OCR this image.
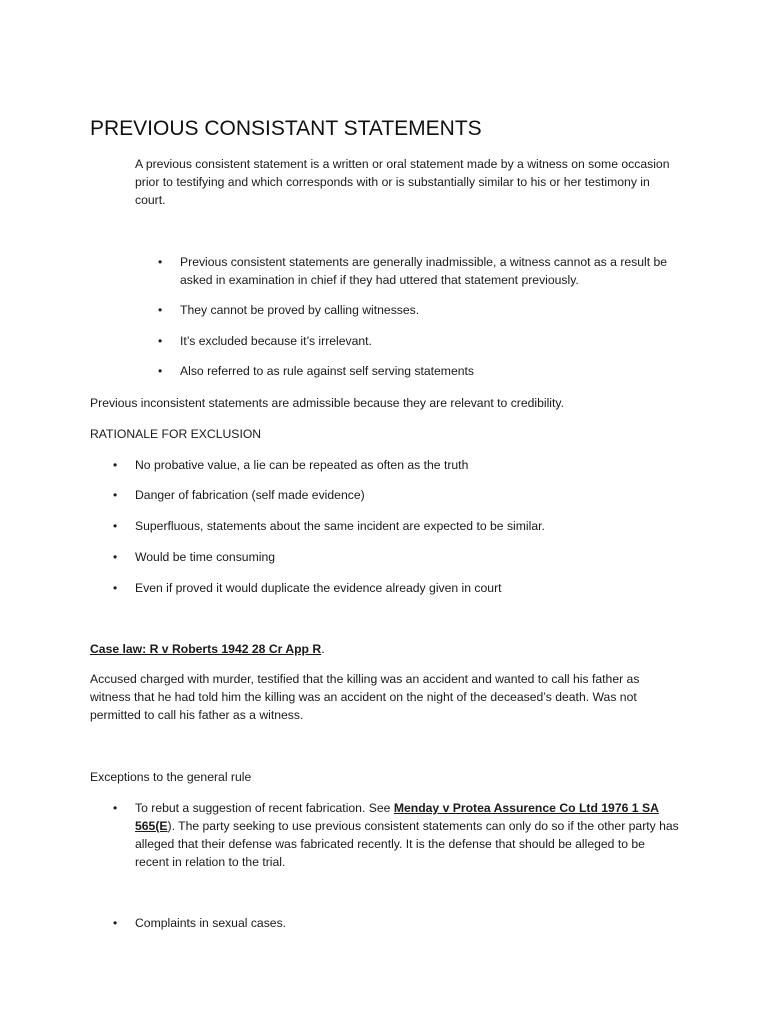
PREVIOUS CONSISTANT STATEMENTS

A previous consistent statement is a written or oral statement made by a witness on some occasion prior to testifying and which corresponds with or is substantially similar to his or her testimony in court.

•	Previous consistent statements are generally inadmissible, a witness cannot as a result be asked in examination in chief if they had uttered that statement previously.
•	They cannot be proved by calling witnesses.
•	It’s excluded because it’s irrelevant.
•	Also referred to as rule against self serving statements

Previous inconsistent statements are admissible because they are relevant to credibility.

RATIONALE FOR EXCLUSION

•	No probative value, a lie can be repeated as often as the truth
•	Danger of fabrication (self made evidence)
•	Superfluous, statements about the same incident are expected to be similar.
•	Would be time consuming
•	Even if proved it would duplicate the evidence already given in court

Case law: R v Roberts 1942 28 Cr App R.

Accused charged with murder, testified that the killing was an accident and wanted to call his father as witness that he had told him the killing was an accident on the night of the deceased’s death. Was not permitted to call his father as a witness.

Exceptions to the general rule

•	To rebut a suggestion of recent fabrication. See Menday v Protea Assurence Co Ltd 1976 1 SA 565(E). The party seeking to use previous consistent statements can only do so if the other party has alleged that their defense was fabricated recently. It is the defense that should be alleged to be recent in relation to the trial.
•	Complaints in sexual cases.
